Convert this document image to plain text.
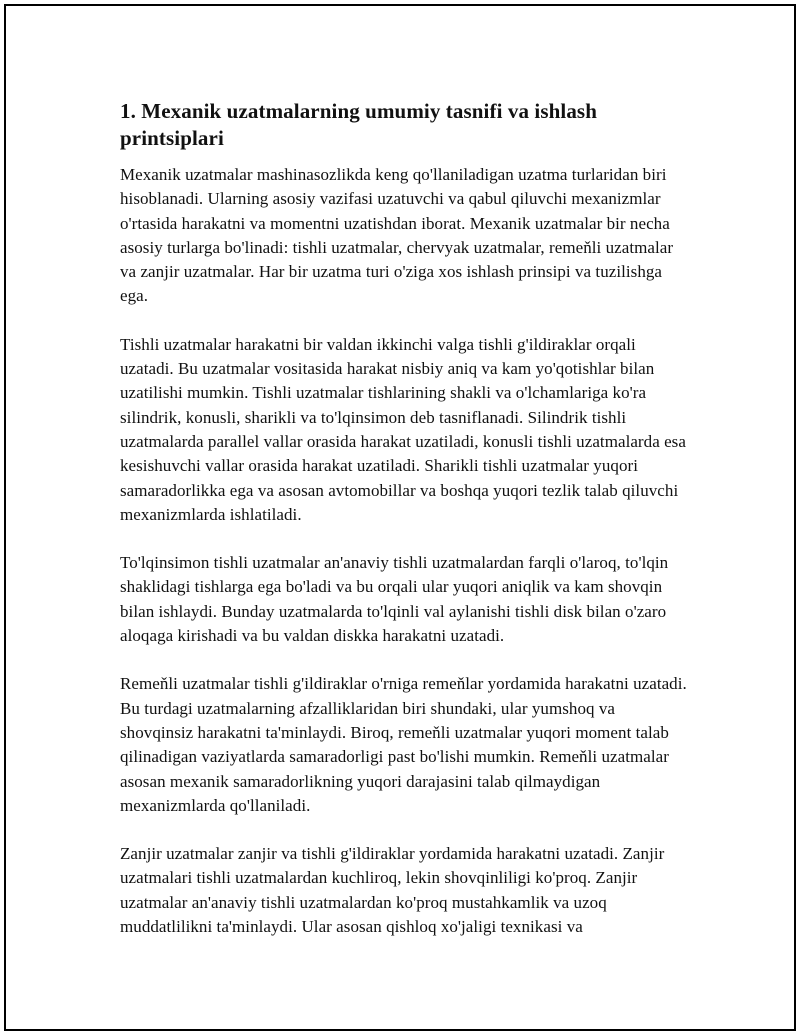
1. Mexanik uzatmalarning umumiy tasnifi va ishlash printsiplari

Mexanik uzatmalar mashinasozlikda keng qo'llaniladigan uzatma turlaridan biri hisoblanadi. Ularning asosiy vazifasi uzatuvchi va qabul qiluvchi mexanizmlar o'rtasida harakatni va momentni uzatishdan iborat. Mexanik uzatmalar bir necha asosiy turlarga bo'linadi: tishli uzatmalar, chervyak uzatmalar, remeňli uzatmalar va zanjir uzatmalar. Har bir uzatma turi o'ziga xos ishlash prinsipi va tuzilishga ega.

Tishli uzatmalar harakatni bir valdan ikkinchi valga tishli g'ildiraklar orqali uzatadi. Bu uzatmalar vositasida harakat nisbiy aniq va kam yo'qotishlar bilan uzatilishi mumkin. Tishli uzatmalar tishlarining shakli va o'lchamlariga ko'ra silindrik, konusli, sharikli va to'lqinsimon deb tasniflanadi. Silindrik tishli uzatmalarda parallel vallar orasida harakat uzatiladi, konusli tishli uzatmalarda esa kesishuvchi vallar orasida harakat uzatiladi. Sharikli tishli uzatmalar yuqori samaradorlikka ega va asosan avtomobillar va boshqa yuqori tezlik talab qiluvchi mexanizmlarda ishlatiladi.

To'lqinsimon tishli uzatmalar an'anaviy tishli uzatmalardan farqli o'laroq, to'lqin shaklidagi tishlarga ega bo'ladi va bu orqali ular yuqori aniqlik va kam shovqin bilan ishlaydi. Bunday uzatmalarda to'lqinli val aylanishi tishli disk bilan o'zaro aloqaga kirishadi va bu valdan diskka harakatni uzatadi.

Remeňli uzatmalar tishli g'ildiraklar o'rniga remeňlar yordamida harakatni uzatadi. Bu turdagi uzatmalarning afzalliklaridan biri shundaki, ular yumshoq va shovqinsiz harakatni ta'minlaydi. Biroq, remeňli uzatmalar yuqori moment talab qilinadigan vaziyatlarda samaradorligi past bo'lishi mumkin. Remeňli uzatmalar asosan mexanik samaradorlikning yuqori darajasini talab qilmaydigan mexanizmlarda qo'llaniladi.

Zanjir uzatmalar zanjir va tishli g'ildiraklar yordamida harakatni uzatadi. Zanjir uzatmalari tishli uzatmalardan kuchliroq, lekin shovqinliligi ko'proq. Zanjir uzatmalar an'anaviy tishli uzatmalardan ko'proq mustahkamlik va uzoq muddatlilikni ta'minlaydi. Ular asosan qishloq xo'jaligi texnikasi va
